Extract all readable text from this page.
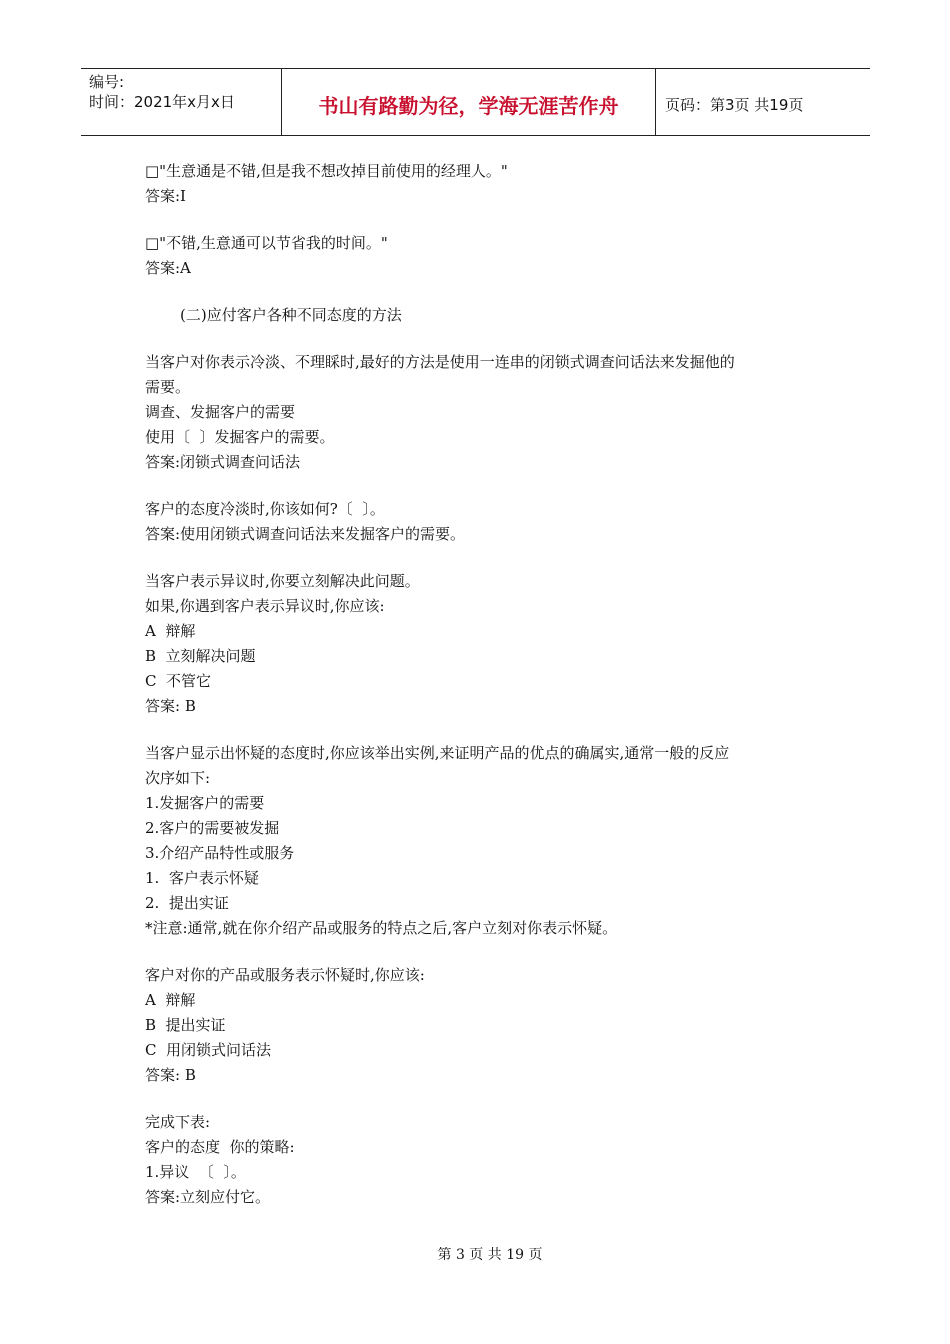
编号:
时间：2021年x月x日	书山有路勤为径，学海无涯苦作舟	页码：第3页 共19页

□"生意通是不错,但是我不想改掉目前使用的经理人。"

答案:I

□"不错,生意通可以节省我的时间。"

答案:A

(二)应付客户各种不同态度的方法

当客户对你表示冷淡、不理睬时,最好的方法是使用一连串的闭锁式调查问话法来发掘他的

需要。

调查、发掘客户的需要

使用〔  〕发掘客户的需要。

答案:闭锁式调查问话法

客户的态度冷淡时,你该如何?〔  〕。

答案:使用闭锁式调查问话法来发掘客户的需要。

当客户表示异议时,你要立刻解决此问题。

如果,你遇到客户表示异议时,你应该:

A  辩解

B  立刻解决问题

C  不管它

答案: B

当客户显示出怀疑的态度时,你应该举出实例,来证明产品的优点的确属实,通常一般的反应

次序如下:

1.发掘客户的需要

2.客户的需要被发掘

3.介绍产品特性或服务

1.  客户表示怀疑

2.  提出实证

*注意:通常,就在你介绍产品或服务的特点之后,客户立刻对你表示怀疑。

客户对你的产品或服务表示怀疑时,你应该:

A  辩解

B  提出实证

C  用闭锁式问话法

答案: B

完成下表:

客户的态度  你的策略:

1.异议  〔  〕。

答案:立刻应付它。

第 3 页 共 19 页
